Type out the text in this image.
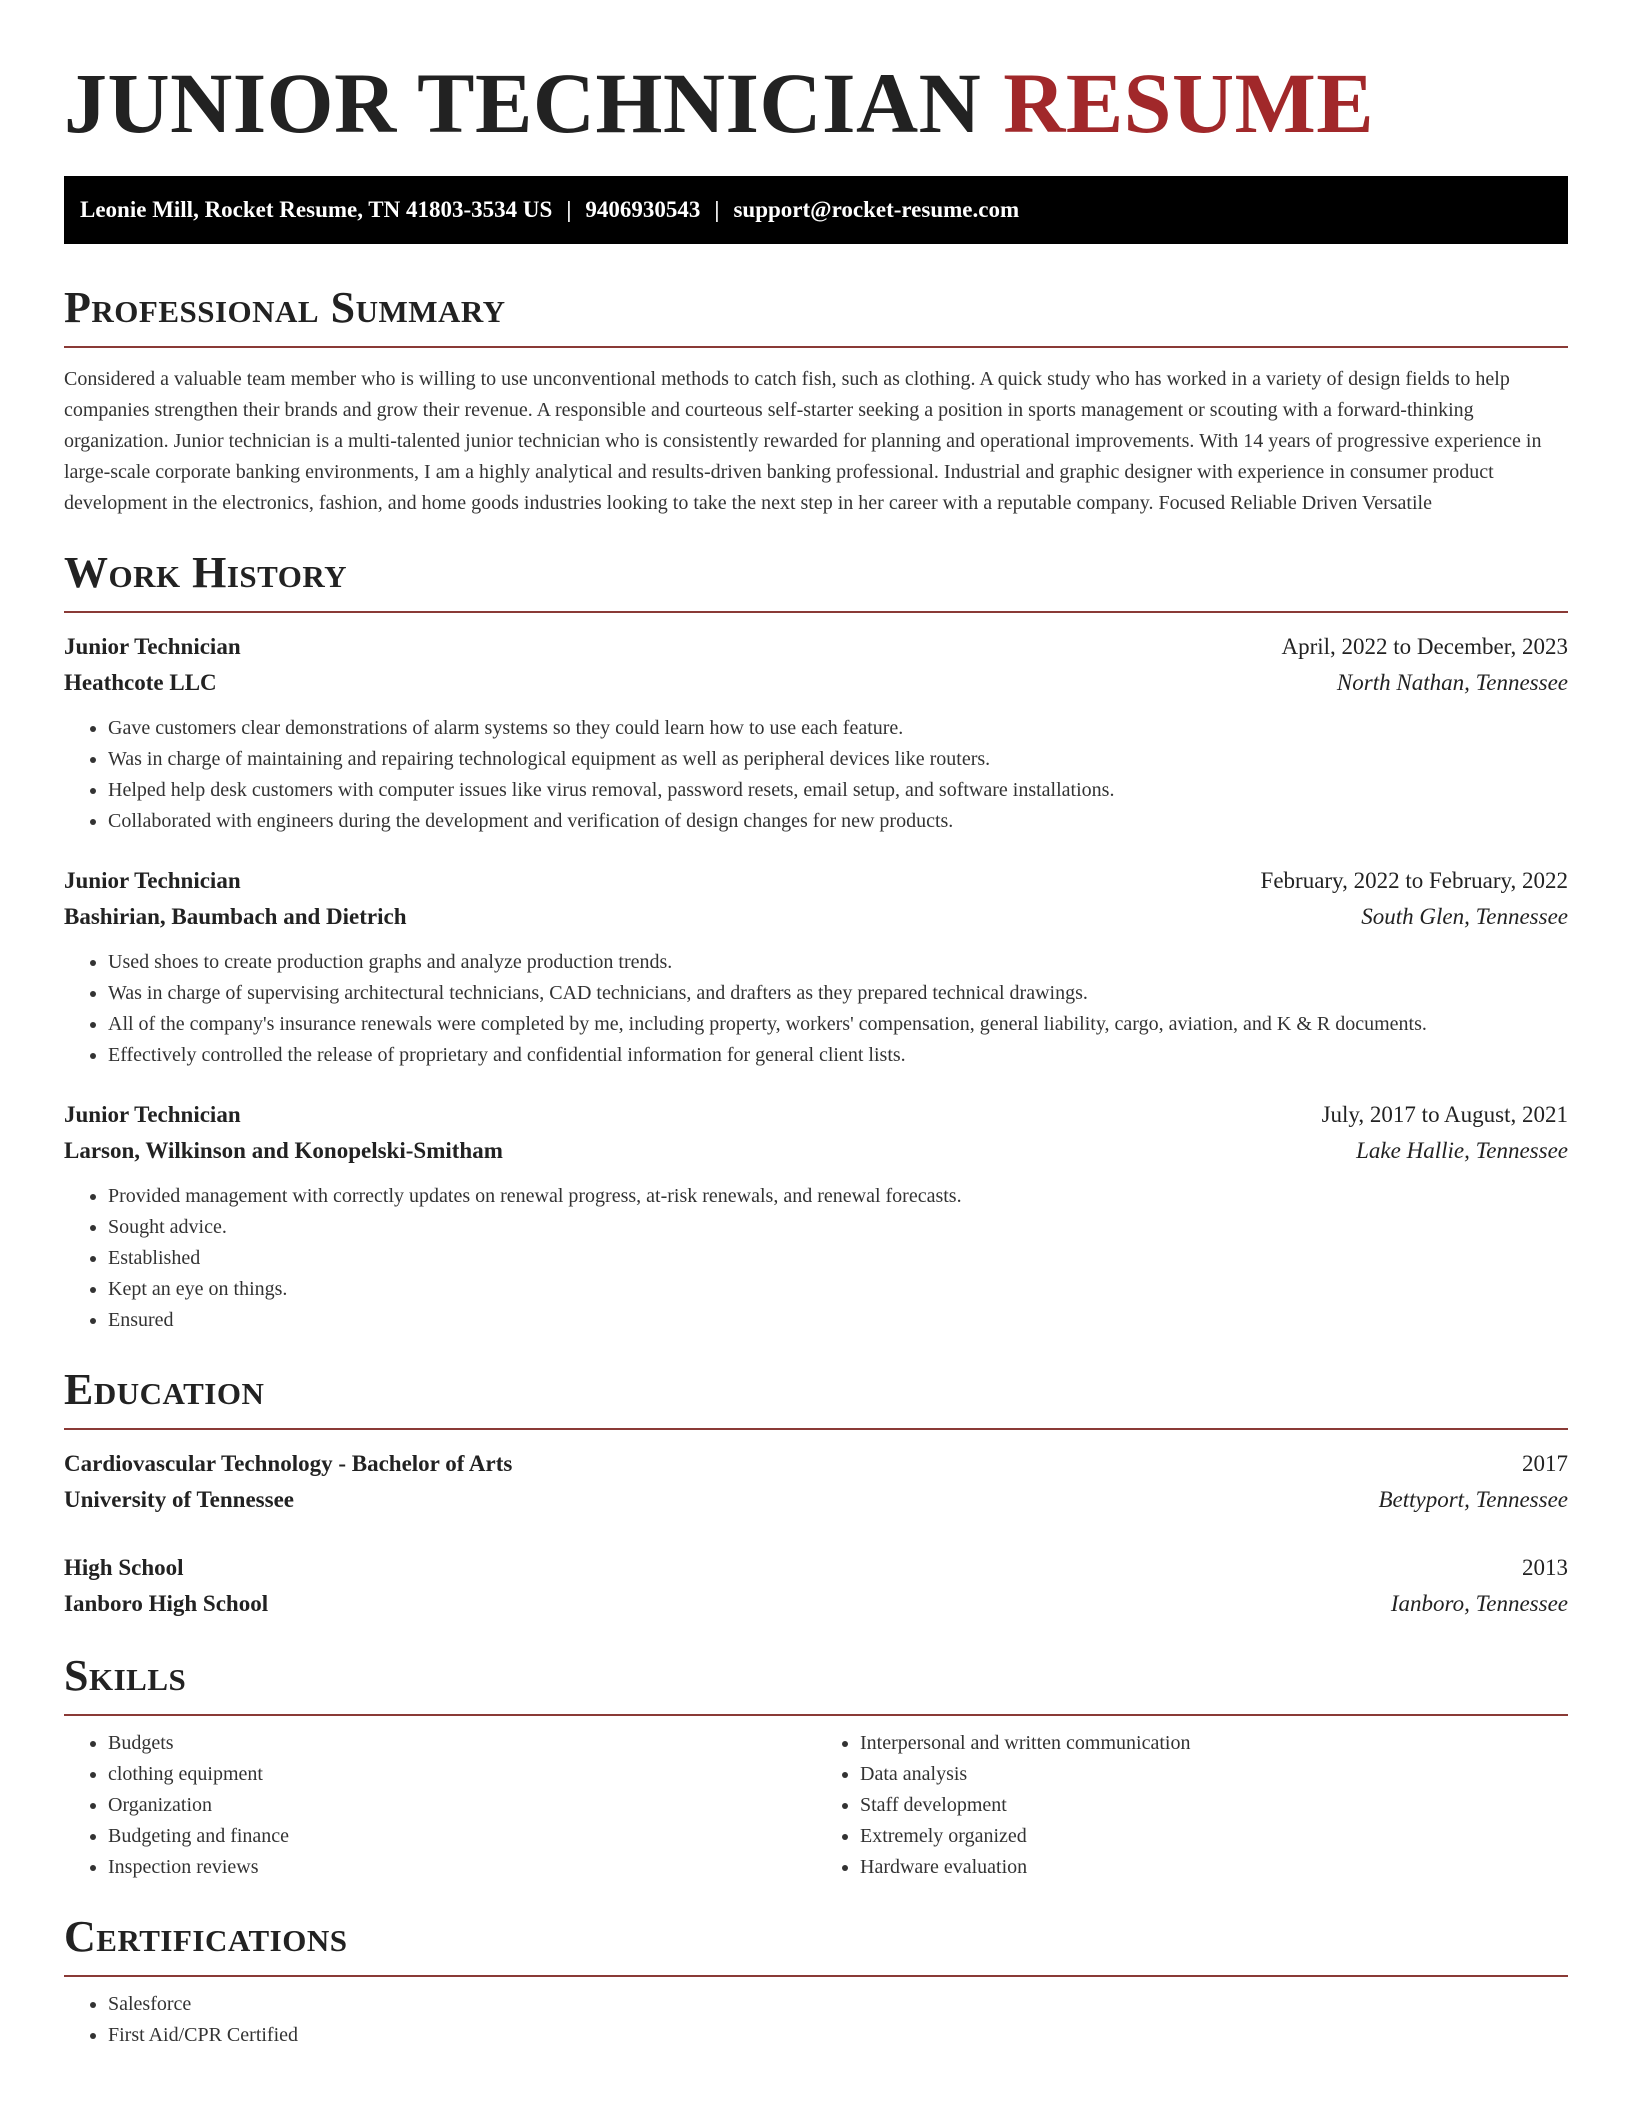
JUNIOR TECHNICIAN RESUME
Leonie Mill, Rocket Resume, TN 41803-3534 US | 9406930543 | support@rocket-resume.com
Professional Summary

Considered a valuable team member who is willing to use unconventional methods to catch fish, such as clothing. A quick study who has worked in a variety of design fields to help companies strengthen their brands and grow their revenue. A responsible and courteous self-starter seeking a position in sports management or scouting with a forward-thinking organization. Junior technician is a multi-talented junior technician who is consistently rewarded for planning and operational improvements. With 14 years of progressive experience in large-scale corporate banking environments, I am a highly analytical and results-driven banking professional. Industrial and graphic designer with experience in consumer product development in the electronics, fashion, and home goods industries looking to take the next step in her career with a reputable company. Focused Reliable Driven Versatile

Work History
Junior Technician	April, 2022 to December, 2023
Heathcote LLC	North Nathan, Tennessee
• Gave customers clear demonstrations of alarm systems so they could learn how to use each feature.
• Was in charge of maintaining and repairing technological equipment as well as peripheral devices like routers.
• Helped help desk customers with computer issues like virus removal, password resets, email setup, and software installations.
• Collaborated with engineers during the development and verification of design changes for new products.
Junior Technician	February, 2022 to February, 2022
Bashirian, Baumbach and Dietrich	South Glen, Tennessee
• Used shoes to create production graphs and analyze production trends.
• Was in charge of supervising architectural technicians, CAD technicians, and drafters as they prepared technical drawings.
• All of the company's insurance renewals were completed by me, including property, workers' compensation, general liability, cargo, aviation, and K & R documents.
• Effectively controlled the release of proprietary and confidential information for general client lists.
Junior Technician	July, 2017 to August, 2021
Larson, Wilkinson and Konopelski-Smitham	Lake Hallie, Tennessee
• Provided management with correctly updates on renewal progress, at-risk renewals, and renewal forecasts.
• Sought advice.
• Established
• Kept an eye on things.
• Ensured
Education
Cardiovascular Technology - Bachelor of Arts	2017
University of Tennessee	Bettyport, Tennessee
High School	2013
Ianboro High School	Ianboro, Tennessee
Skills
• Budgets
• clothing equipment
• Organization
• Budgeting and finance
• Inspection reviews
• Interpersonal and written communication
• Data analysis
• Staff development
• Extremely organized
• Hardware evaluation
Certifications
• Salesforce
• First Aid/CPR Certified
